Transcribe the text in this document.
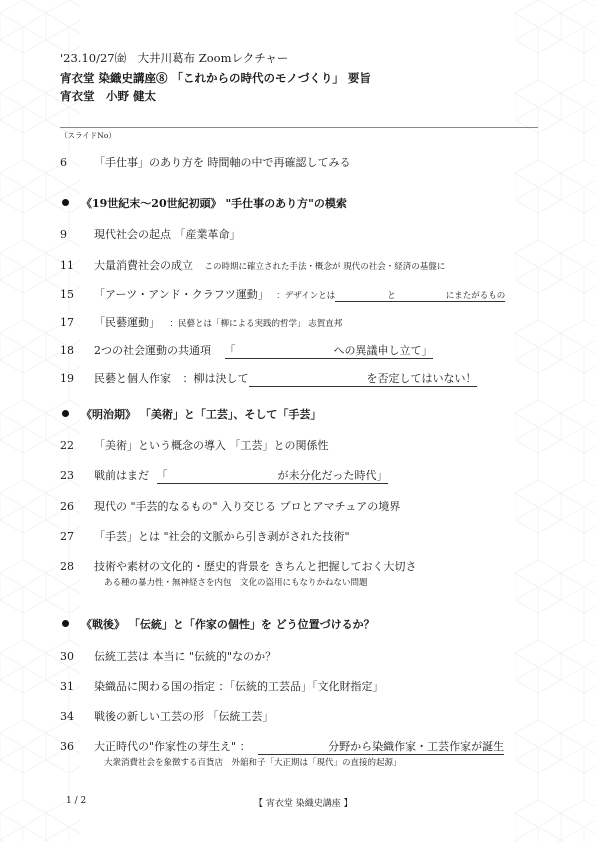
'23.10/27㈮　大井川葛布 Zoomレクチャー
宵衣堂 染織史講座⑧ 「これからの時代のモノづくり」 要旨
宵衣堂　小野 健太
（スライドNo）
6 「手仕事」のあり方を 時間軸の中で再確認してみる
《19世紀末〜20世紀初頭》 "手仕事のあり方"の模索
9 現代社会の起点 「産業革命」
11 大量消費社会の成立 この時期に確立された手法・概念が 現代の社会・経済の基盤に
15 「アーツ・アンド・クラフツ運動」 ：デザインとは	と	にまたがるもの
17 「民藝運動」 ：民藝とは「柳による実践的哲学」 志賀直邦
18 2つの社会運動の共通項 「	への異議申し立て」
19 民藝と個人作家 ：柳は決して	を否定してはいない！
《明治期》 「美術」と「工芸」、そして「手芸」
22 「美術」という概念の導入 「工芸」との関係性
23 戦前はまだ 「	が未分化だった時代」
26 現代の "手芸的なるもの" 入り交じる プロとアマチュアの境界
27 「手芸」とは "社会的文脈から引き剥がされた技術"
28 技術や素材の文化的・歴史的背景を きちんと把握しておく大切さ
ある種の暴力性・無神経さを内包　文化の盗用にもなりかねない問題
《戦後》 「伝統」と「作家の個性」を どう位置づけるか？
30 伝統工芸は 本当に "伝統的"なのか？
31 染織品に関わる国の指定 ：「伝統的工芸品」「文化財指定」
34 戦後の新しい工芸の形 「伝統工芸」
36 大正時代の"作家性の芽生え" ：	分野から染織作家・工芸作家が誕生
大衆消費社会を象徴する百貨店　外舘和子「大正期は「現代」の直接的起源」
1 / 2	【 宵衣堂 染織史講座 】
